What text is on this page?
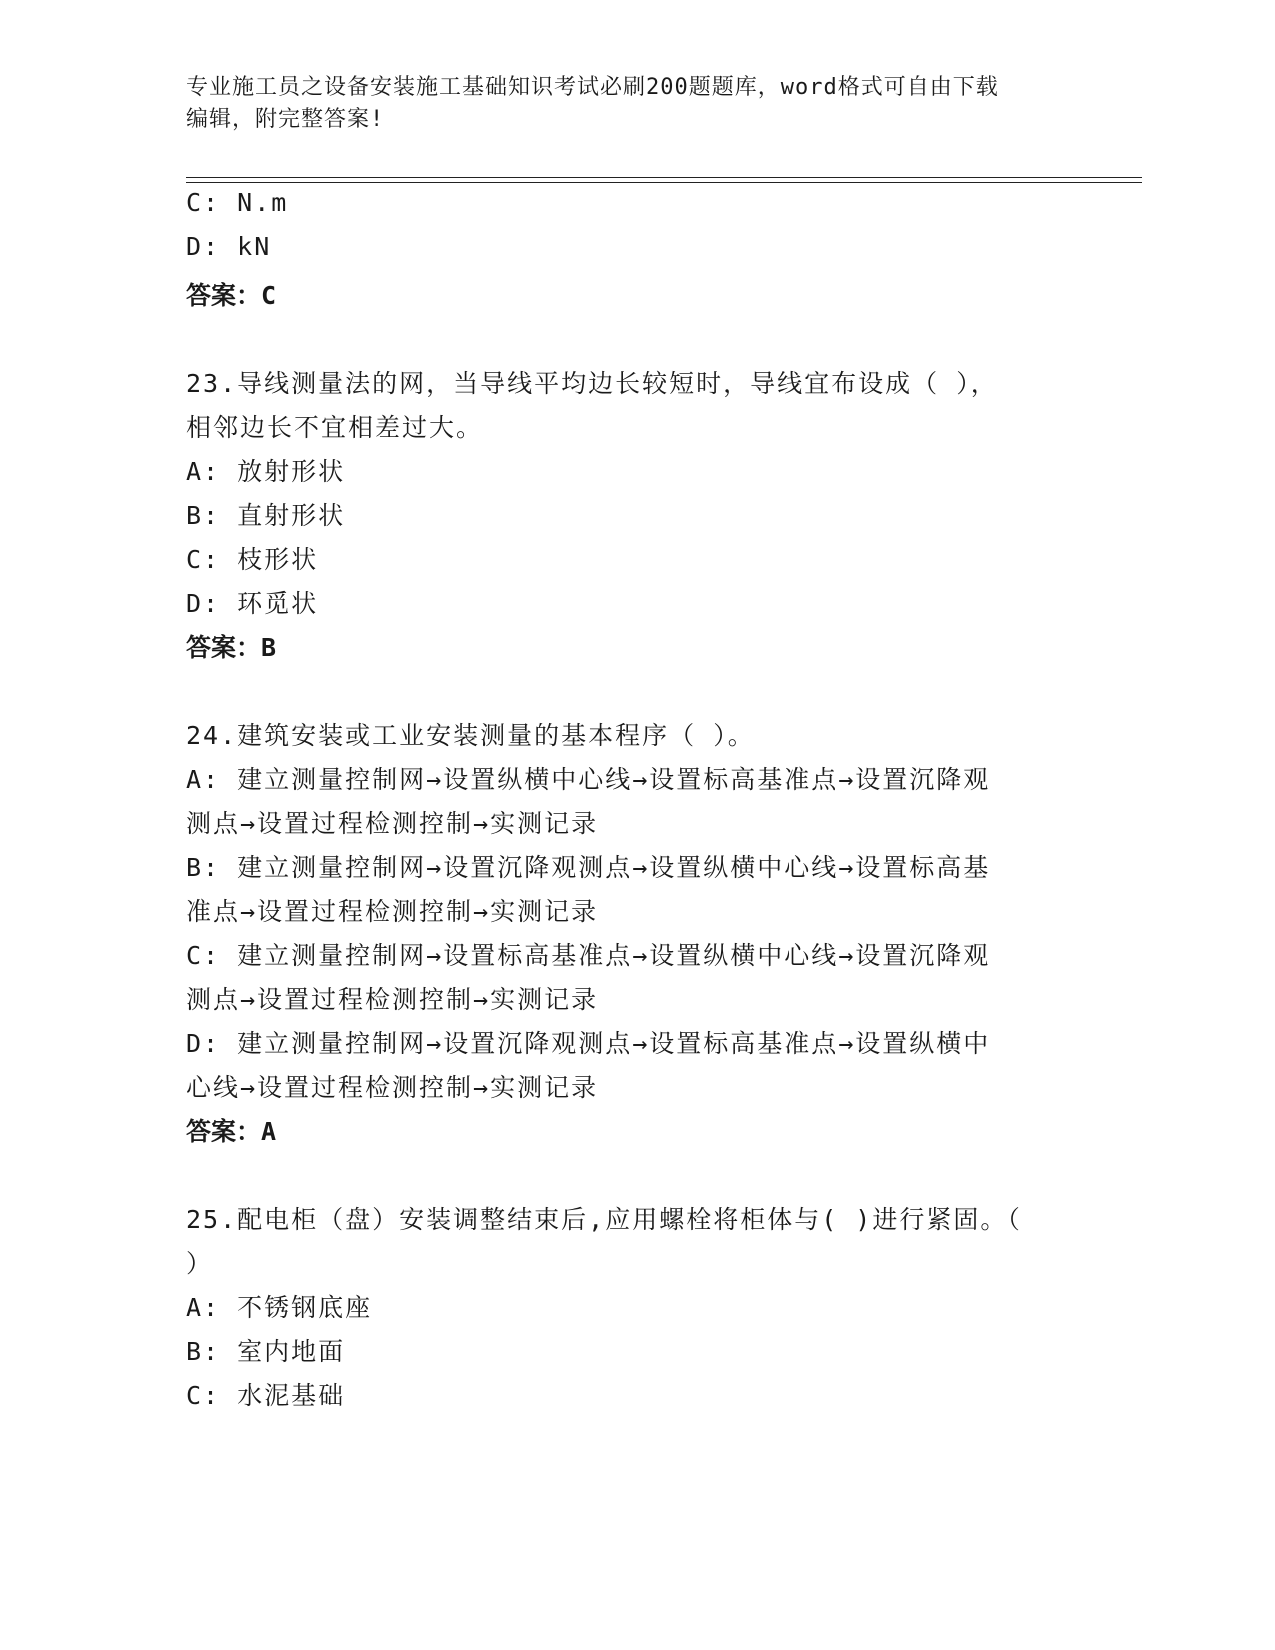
专业施工员之设备安装施工基础知识考试必刷200题题库，word格式可自由下载
编辑，附完整答案!
C: N.m
D: kN
答案：C
23.导线测量法的网，当导线平均边长较短时，导线宜布设成（ ），
相邻边长不宜相差过大。
A: 放射形状
B: 直射形状
C: 枝形状
D: 环觅状
答案：B
24.建筑安装或工业安装测量的基本程序（ ）。
A: 建立测量控制网→设置纵横中心线→设置标高基准点→设置沉降观
测点→设置过程检测控制→实测记录
B: 建立测量控制网→设置沉降观测点→设置纵横中心线→设置标高基
准点→设置过程检测控制→实测记录
C: 建立测量控制网→设置标高基准点→设置纵横中心线→设置沉降观
测点→设置过程检测控制→实测记录
D: 建立测量控制网→设置沉降观测点→设置标高基准点→设置纵横中
心线→设置过程检测控制→实测记录
答案：A
25.配电柜（盘）安装调整结束后,应用螺栓将柜体与( )进行紧固。（
）
A: 不锈钢底座
B: 室内地面
C: 水泥基础
